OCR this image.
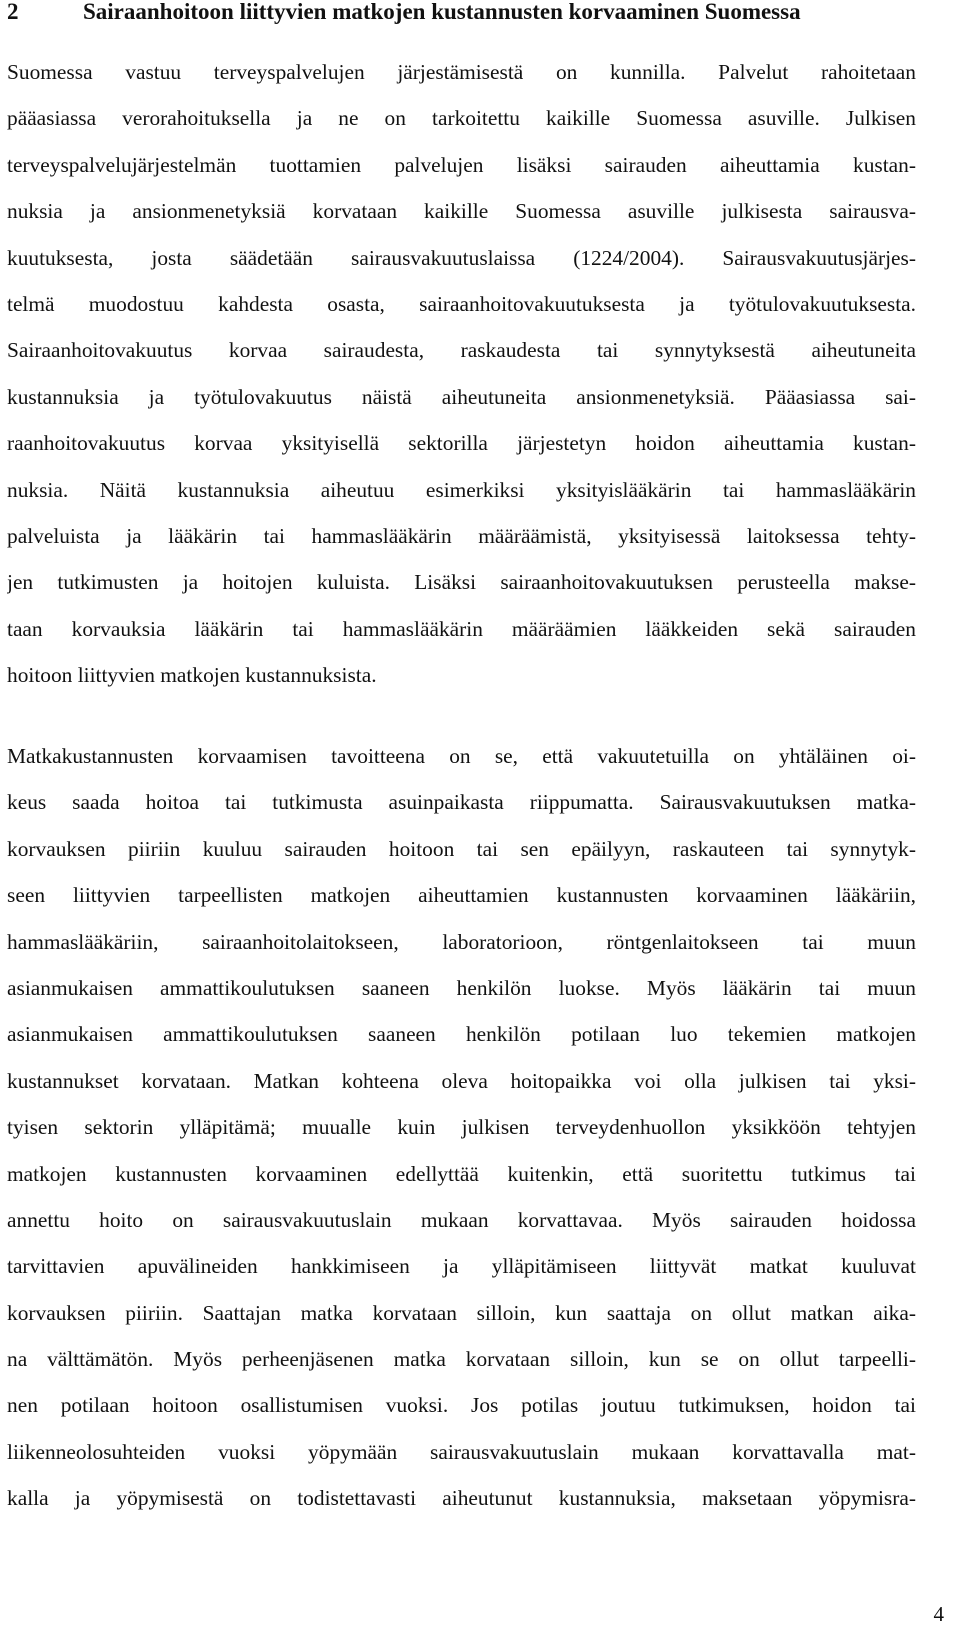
2	Sairaanhoitoon liittyvien matkojen kustannusten korvaaminen Suomessa
Suomessa vastuu terveyspalvelujen järjestämisestä on kunnilla. Palvelut rahoitetaan
pääasiassa verorahoituksella ja ne on tarkoitettu kaikille Suomessa asuville. Julkisen
terveyspalvelujärjestelmän tuottamien palvelujen lisäksi sairauden aiheuttamia kustan-
nuksia ja ansionmenetyksiä korvataan kaikille Suomessa asuville julkisesta sairausva-
kuutuksesta, josta säädetään sairausvakuutuslaissa (1224/2004). Sairausvakuutusjärjes-
telmä muodostuu kahdesta osasta, sairaanhoitovakuutuksesta ja työtulovakuutuksesta.
Sairaanhoitovakuutus korvaa sairaudesta, raskaudesta tai synnytyksestä aiheutuneita
kustannuksia ja työtulovakuutus näistä aiheutuneita ansionmenetyksiä. Pääasiassa sai-
raanhoitovakuutus korvaa yksityisellä sektorilla järjestetyn hoidon aiheuttamia kustan-
nuksia. Näitä kustannuksia aiheutuu esimerkiksi yksityislääkärin tai hammaslääkärin
palveluista ja lääkärin tai hammaslääkärin määräämistä, yksityisessä laitoksessa tehty-
jen tutkimusten ja hoitojen kuluista. Lisäksi sairaanhoitovakuutuksen perusteella makse-
taan korvauksia lääkärin tai hammaslääkärin määräämien lääkkeiden sekä sairauden
hoitoon liittyvien matkojen kustannuksista.
Matkakustannusten korvaamisen tavoitteena on se, että vakuutetuilla on yhtäläinen oi-
keus saada hoitoa tai tutkimusta asuinpaikasta riippumatta. Sairausvakuutuksen matka-
korvauksen piiriin kuuluu sairauden hoitoon tai sen epäilyyn, raskauteen tai synnytyk-
seen liittyvien tarpeellisten matkojen aiheuttamien kustannusten korvaaminen lääkäriin,
hammaslääkäriin, sairaanhoitolaitokseen, laboratorioon, röntgenlaitokseen tai muun
asianmukaisen ammattikoulutuksen saaneen henkilön luokse. Myös lääkärin tai muun
asianmukaisen ammattikoulutuksen saaneen henkilön potilaan luo tekemien matkojen
kustannukset korvataan. Matkan kohteena oleva hoitopaikka voi olla julkisen tai yksi-
tyisen sektorin ylläpitämä; muualle kuin julkisen terveydenhuollon yksikköön tehtyjen
matkojen kustannusten korvaaminen edellyttää kuitenkin, että suoritettu tutkimus tai
annettu hoito on sairausvakuutuslain mukaan korvattavaa. Myös sairauden hoidossa
tarvittavien apuvälineiden hankkimiseen ja ylläpitämiseen liittyvät matkat kuuluvat
korvauksen piiriin. Saattajan matka korvataan silloin, kun saattaja on ollut matkan aika-
na välttämätön. Myös perheenjäsenen matka korvataan silloin, kun se on ollut tarpeelli-
nen potilaan hoitoon osallistumisen vuoksi. Jos potilas joutuu tutkimuksen, hoidon tai
liikenneolosuhteiden vuoksi yöpymään sairausvakuutuslain mukaan korvattavalla mat-
kalla ja yöpymisestä on todistettavasti aiheutunut kustannuksia, maksetaan yöpymisra-
4
